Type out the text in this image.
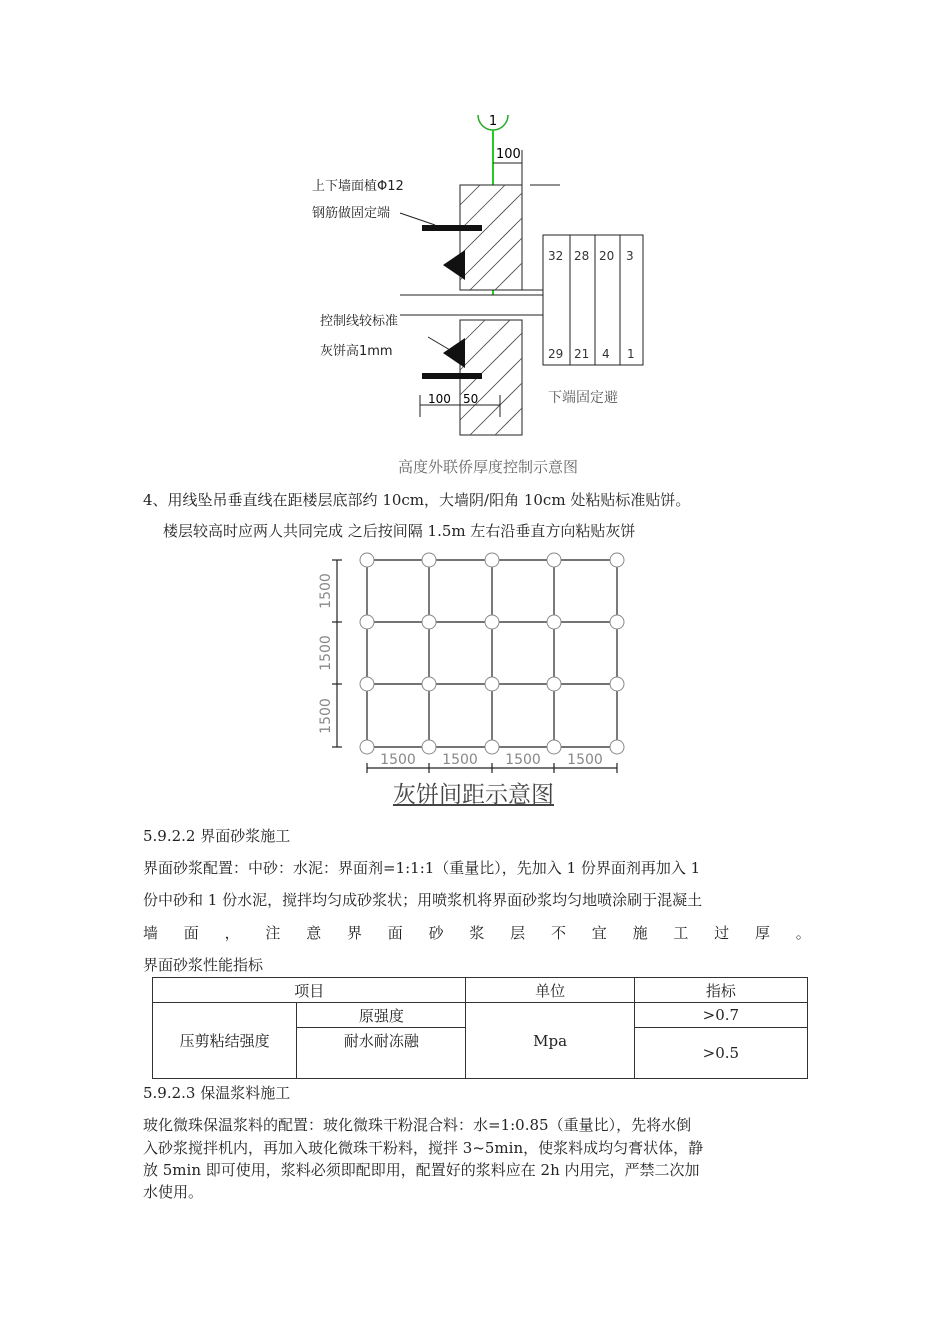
1
100
100 50
32 28 20 3
29 21 4 1
上下墙面植Φ12
钢筋做固定端
控制线较标准
灰饼高1mm
下端固定避
高度外联侨厚度控制示意图
4、用线坠吊垂直线在距楼层底部约 10cm，大墙阴/阳角 10cm 处粘贴标准贴饼。
楼层较高时应两人共同完成 之后按间隔 1.5m 左右沿垂直方向粘贴灰饼
1500
1500
1500
1500 1500 1500 1500
灰饼间距示意图
5.9.2.2 界面砂浆施工
界面砂浆配置：中砂：水泥：界面剂=1:1:1（重量比），先加入 1 份界面剂再加入 1
份中砂和 1 份水泥，搅拌均匀成砂浆状；用喷浆机将界面砂浆均匀地喷涂刷于混凝土
墙 面 ， 注 意 界 面 砂 浆 层 不 宜 施 工 过 厚 。
界面砂浆性能指标
项目		单位	指标
压剪粘结强度	原强度	Mpa	>0.7
	耐水耐冻融		>0.5
5.9.2.3 保温浆料施工
玻化微珠保温浆料的配置：玻化微珠干粉混合料：水=1:0.85（重量比），先将水倒
入砂浆搅拌机内，再加入玻化微珠干粉料，搅拌 3~5min，使浆料成均匀膏状体，静
放 5min 即可使用，浆料必须即配即用，配置好的浆料应在 2h 内用完，严禁二次加
水使用。
